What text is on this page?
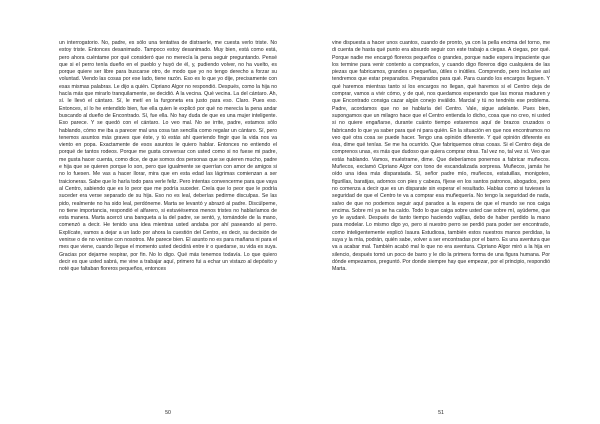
un interrogatorio. No, padre, es sólo una tentativa de distraerle, me cuesta verlo triste. No estoy triste. Entonces desanimado. Tampoco estoy desanimado. Muy bien, está como está, pero ahora cuéntame por qué consideró que no merecía la pena seguir preguntando. Pensé que si el perro tenía dueño en el pueblo y huyó de él, y, pudiendo volver, no ha vuelto, es porque quiere ser libre para buscarse otro, de modo que yo no tengo derecho a forzar su voluntad. Viendo las cosas por ese lado, tiene razón. Eso es lo que yo dije, precisamente con esas mismas palabras. Le dijo a quién. Cipriano Algor no respondió. Después, como la hija no hacía más que mirarlo tranquilamente, se decidió. A la vecina. Qué vecina. La del cántaro. Ah, sí. Ie llevó el cántaro. Sí, le metí en la furgoneta era justo para eso. Claro. Pues eso. Entonces, sí lo he entendido bien, fue ella quien le explicó por qué no merecía la pena andar buscando al dueño de Encontrado. Sí, fue ella. No hay duda de que es una mujer inteligente. Eso parece. Y se quedó con el cántaro. Lo veo mal. No se irrite, padre, estamos sólo hablando, cómo me iba a parecer mal una cosa tan sencilla como regalar un cántaro. Sí, pero tenemos asuntos más graves que éste, y tú estás ahí queriendo fingir que la vida nos va viento en popa. Exactamente de esos asuntos le quiero hablar. Entonces no entiendo el porqué de tantos rodeos. Porque me gusta conversar con usted como si no fuese mi padre, me gusta hacer cuenta, como dice, de que somos dos personas que se quieren mucho, padre e hija que se quieren porque lo son, pero que igualmente se querrían con amor de amigos si no lo fuesen. Me vas a hacer llorar, mira que en esta edad las lágrimas comienzan a ser traicioneras. Sabe que lo haría todo para verle feliz. Pero intentas convencerme para que vaya al Centro, sabiendo que es lo peor que me podría suceder. Creía que lo peor que le podría suceder era verse separado de su hija. Eso no es leal, deberías pedirme disculpas. Se las pido, realmente no ha sido leal, perdóneme. Marta se levantó y abrazó al padre. Discúlpeme, no tiene importancia, respondió el alfarero, si estuviésemos menos tristes no hablaríamos de esta manera. Marta acercó una banqueta a la del padre, se sentó, y, tomándole de la mano, comenzó a decir. He tenido una idea mientras usted andaba por ahí paseando al perro. Explícate, vamos a dejar a un lado por ahora la cuestión del Centro, es decir, su decisión de venirse o de no venirse con nosotros. Me parece bien. El asunto no es para mañana ni para el mes que viene, cuando llegue el momento usted decidirá entre ir o quedarse, su vida es suya. Gracias por dejarme respirar, por fin. No lo digo. Qué más tenemos todavía. Lo que quiero decir es que usted sabrá, me vine a trabajar aquí, primero fui a echar un vistazo al depósito y noté que faltaban floreros pequeños, entonces
50
vine dispuesta a hacer unos cuantos, cuando de pronto, ya con la pella encima del torno, me di cuenta de hasta qué punto era absurdo seguir con este trabajo a ciegas. A ciegas, por qué. Porque nadie me encargó floreros pequeños o grandes, porque nadie espera impaciente que los termine para venir contento a comprarlos, y cuando digo floreros digo cualquiera de las piezas que fabricamos, grandes o pequeñas, útiles o inútiles. Comprendo, pero inclusive así tendremos que estar preparados. Preparados para qué. Para cuando los encargos lleguen. Y qué haremos mientras tanto si los encargos no llegan, qué haremos si el Centro deja de comprar, vamos a vivir cómo, y de qué, nos quedamos esperando que las moras maduren y que Encontrado consiga cazar algún conejo inválido. Marcial y tú no tendréis ese problema. Padre, acordamos que no se hablaría del Centro. Vale, sigue adelante. Pues bien, supongamos que un milagro hace que el Centro entienda lo dicho, cosa que no creo, ni usted si no quiere engañarse, durante cuánto tiempo estaremos aquí de brazos cruzados o fabricando lo que ya saber para qué ni para quién. En la situación en que nos encontramos no veo qué otra cosa se puede hacer. Tengo una opinión diferente. Y qué opinión diferente es ésa, dime qué tenías. Se me ha ocurrido. Que fabriquemos otras cosas. Si el Centro deja de comprenos unas, es más que dudoso que quiera comprar otras. Tal vez no, tal vez sí. Veo que estás hablando. Vamos, muéstrame, dime. Que deberíamos ponernos a fabricar muñecos. Muñecos, exclamó Cipriano Algor con tono de escandalizada sorpresa. Muñecos, jamás he oído una idea más disparatada. Sí, señor padre mío, muñecos, estatuillas, monigotes, figurillas, baratijas, adornos con pies y cabeza, fíjese en los santos patronos, abogados, pero no comenza a decir que es un disparate sin esperar el resultado. Hablas como si tuvieses la seguridad de que el Centro te va a comprar esa muñequería. No tengo la seguridad de nada, salvo de que no podemos seguir aquí parados a la espera de que el mundo se nos caiga encima. Sobre mí ya se ha caído. Todo lo que caiga sobre usted cae sobre mí, ayúdeme, que yo le ayudaré. Después de tanto tiempo haciendo vajillas, debo de haber perdido la mano para modelar. Lo mismo digo yo, pero si nuestro perro se perdió para poder ser encontrado, como inteligentemente explicó Isaura Estudiosa, también estos nuestros manos perdidas, la suya y la mía, podrán, quién sabe, volver a ser encontradas por el barro. Es una aventura que va a acabar mal. También acabó mal lo que no era aventura. Cipriano Algor miró a la hija en silencio, después tomó un poco de barro y le dio la primera forma de una figura humana. Por dónde empezamos, preguntó. Por donde siempre hay que empezar, por el principio, respondió Marta.
51
